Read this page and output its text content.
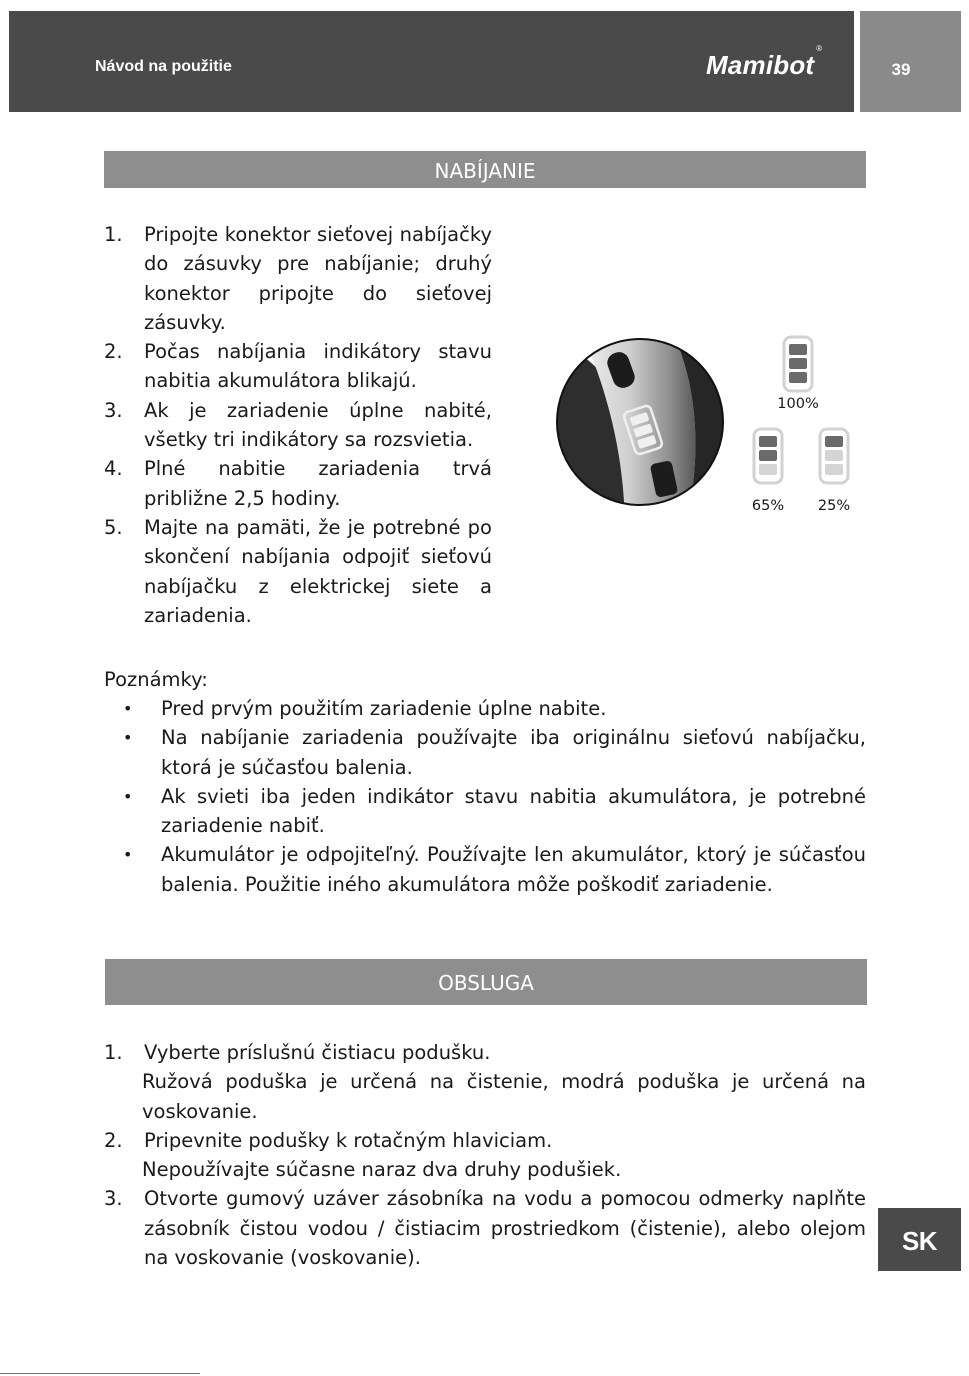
Návod na použitie	Mamibot
®
39
NABÍJANIE
1. Pripojte konektor sieťovej nabíjačky do zásuvky pre nabíjanie; druhý konektor pripojte do sieťovej zásuvky.
2. Počas nabíjania indikátory stavu nabitia akumulátora blikajú.
3. Ak je zariadenie úplne nabité, všetky tri indikátory sa rozsvietia.
4. Plné nabitie zariadenia trvá približne 2,5 hodiny.
5. Majte na pamäti, že je potrebné po skončení nabíjania odpojiť sieťovú nabíjačku z elektrickej siete a zariadenia.
100%
65% 25%

Poznámky:

• Pred prvým použitím zariadenie úplne nabite.
• Na nabíjanie zariadenia používajte iba originálnu sieťovú nabíjačku, ktorá je súčasťou balenia.
• Ak svieti iba jeden indikátor stavu nabitia akumulátora, je potrebné zariadenie nabiť.
• Akumulátor je odpojiteľný. Používajte len akumulátor, ktorý je súčasťou balenia. Použitie iného akumulátora môže poškodiť zariadenie.
OBSLUGA
1. Vyberte príslušnú čistiacu podušku.
Ružová poduška je určená na čistenie, modrá poduška je určená na voskovanie.
2. Pripevnite podušky k rotačným hlaviciam.
Nepoužívajte súčasne naraz dva druhy podušiek.
3. Otvorte gumový uzáver zásobníka na vodu a pomocou odmerky naplňte zásobník čistou vodou / čistiacim prostriedkom (čistenie), alebo olejom na voskovanie (voskovanie).
SK
